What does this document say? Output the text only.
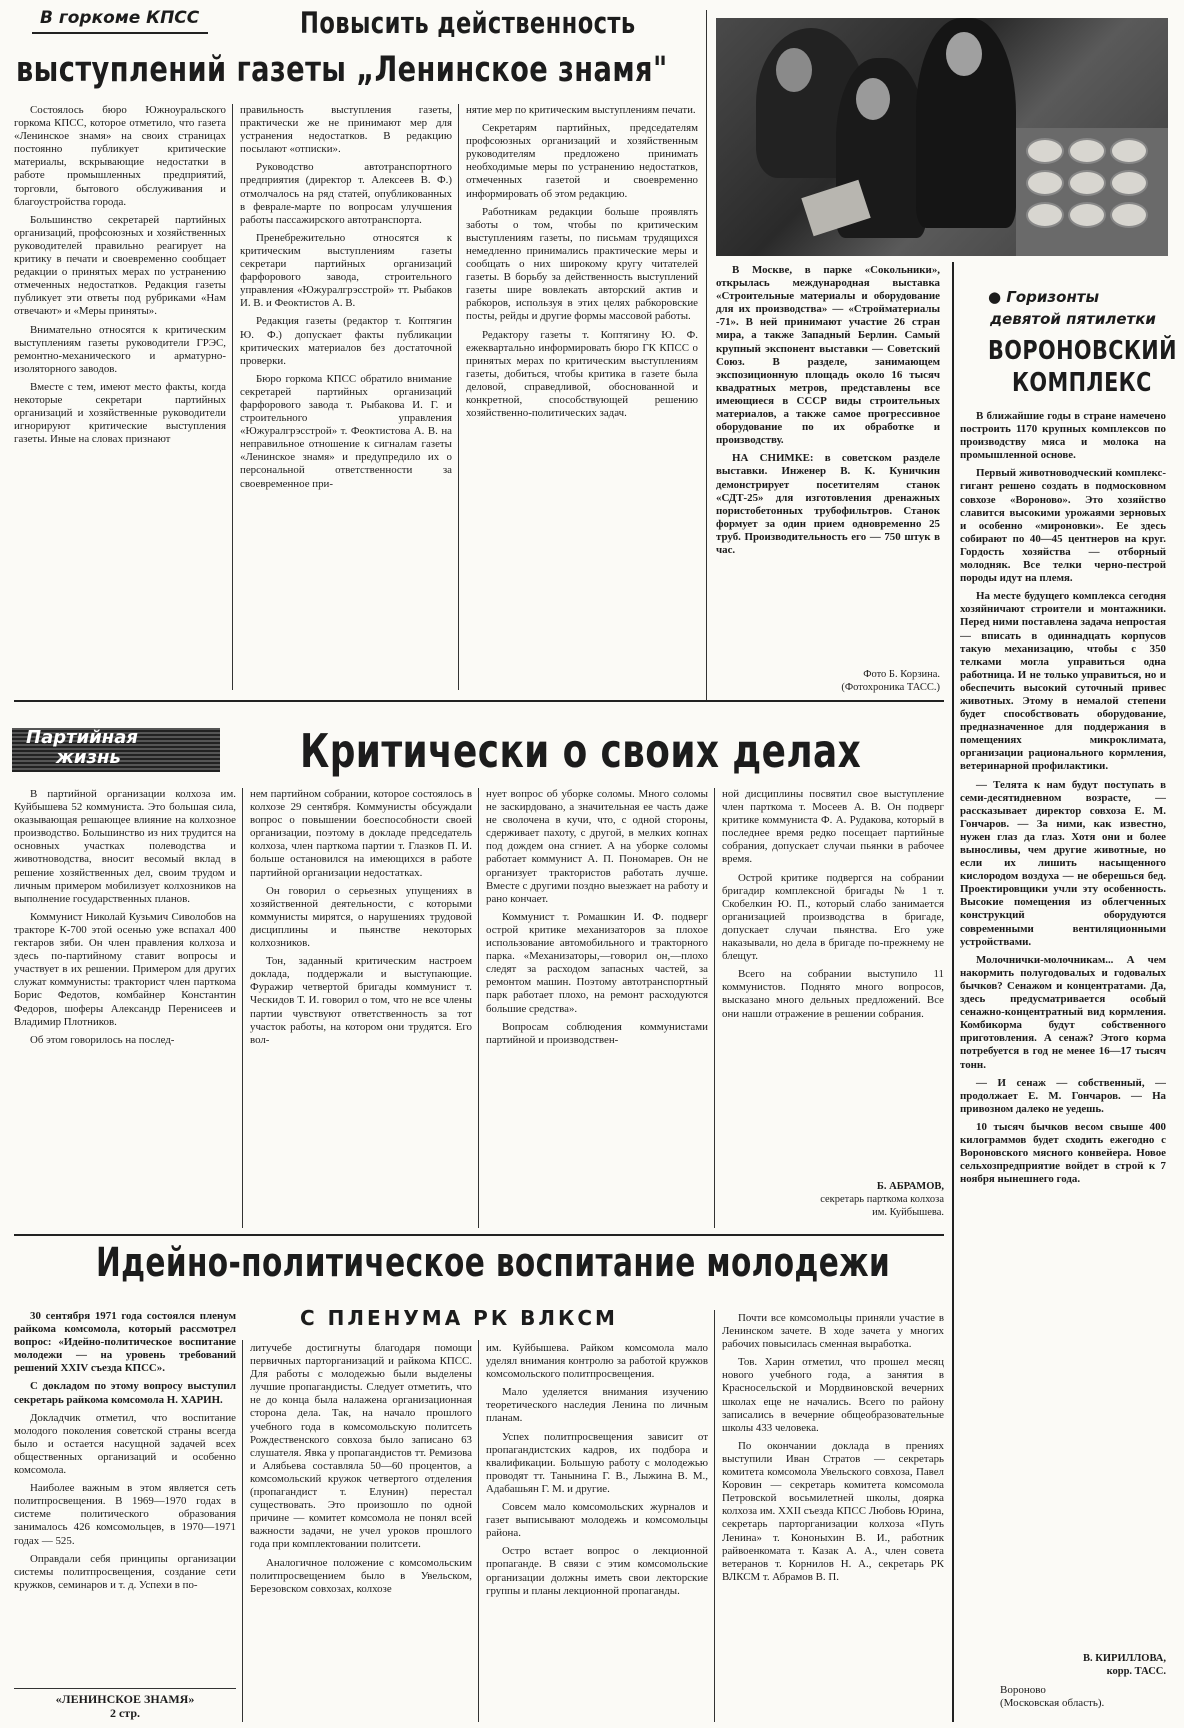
В горкоме КПСС	Повысить действенность
выступлений газеты „Ленинское знамя"

Состоялось бюро Южноуральского горкома КПСС, которое отметило, что газета «Ленинское знамя» на своих страницах постоянно публикует критические материалы, вскрывающие недостатки в работе промышленных предприятий, торговли, бытового обслуживания и благоустройства города.

Большинство секретарей партийных организаций, профсоюзных и хозяйственных руководителей правильно реагирует на критику в печати и своевременно сообщает редакции о принятых мерах по устранению отмеченных недостатков. Редакция газеты публикует эти ответы под рубриками «Нам отвечают» и «Меры приняты».

Внимательно относятся к критическим выступлениям газеты руководители ГРЭС, ремонтно-механического и арматурно-изоляторного заводов.

Вместе с тем, имеют место факты, когда некоторые секретари партийных организаций и хозяйственные руководители игнорируют критические выступления газеты. Иные на словах признают

правильность выступления газеты, практически же не принимают мер для устранения недостатков. В редакцию посылают «отписки».

Руководство автотранспортного предприятия (директор т. Алексеев В. Ф.) отмолчалось на ряд статей, опубликованных в феврале-марте по вопросам улучшения работы пассажирского автотранспорта.

Пренебрежительно относятся к критическим выступлениям газеты секретари партийных организаций фарфорового завода, строительного управления «Южуралгрэсстрой» тт. Рыбаков И. В. и Феоктистов А. В.

Редакция газеты (редактор т. Коптягин Ю. Ф.) допускает факты публикации критических материалов без достаточной проверки.

Бюро горкома КПСС обратило внимание секретарей партийных организаций фарфорового завода т. Рыбакова И. Г. и строительного управления «Южуралгрэсстрой» т. Феоктистова А. В. на неправильное отношение к сигналам газеты «Ленинское знамя» и предупредило их о персональной ответственности за своевременное при-

нятие мер по критическим выступлениям печати.

Секретарям партийных, председателям профсоюзных организаций и хозяйственным руководителям предложено принимать необходимые меры по устранению недостатков, отмеченных газетой и своевременно информировать об этом редакцию.

Работникам редакции больше проявлять заботы о том, чтобы по критическим выступлениям газеты, по письмам трудящихся немедленно принимались практические меры и сообщать о них широкому кругу читателей газеты. В борьбу за действенность выступлений газеты шире вовлекать авторский актив и рабкоров, используя в этих целях рабкоровские посты, рейды и другие формы массовой работы.

Редактору газеты т. Коптягину Ю. Ф. ежеквартально информировать бюро ГК КПСС о принятых мерах по критическим выступлениям газеты, добиться, чтобы критика в газете была деловой, справедливой, обоснованной и конкретной, способствующей решению хозяйственно-политических задач.

В Москве, в парке «Сокольники», открылась международная выставка «Строительные материалы и оборудование для их производства» — «Стройматериалы -71». В ней принимают участие 26 стран мира, а также Западный Берлин. Самый крупный экспонент выставки — Советский Союз. В разделе, занимающем экспозиционную площадь около 16 тысяч квадратных метров, представлены все имеющиеся в СССР виды строительных материалов, а также самое прогрессивное оборудование по их обработке и производству.

НА СНИМКЕ: в советском разделе выставки. Инженер В. К. Куничкин демонстрирует посетителям станок «СДТ-25» для изготовления дренажных пористобетонных трубофильтров. Станок формует за один прием одновременно 25 труб. Производительность его — 750 штук в час.

Фото Б. Корзина.
(Фотохроника ТАСС.)
● Горизонты
девятой пятилетки
ВОРОНОВСКИЙ
КОМПЛЕКС

В ближайшие годы в стране намечено построить 1170 крупных комплексов по производству мяса и молока на промышленной основе.

Первый животноводческий комплекс-гигант решено создать в подмосковном совхозе «Вороново». Это хозяйство славится высокими урожаями зерновых и особенно «мироновки». Ее здесь собирают по 40—45 центнеров на круг. Гордость хозяйства — отборный молодняк. Все телки черно-пестрой породы идут на племя.

На месте будущего комплекса сегодня хозяйничают строители и монтажники. Перед ними поставлена задача непростая — вписать в одиннадцать корпусов такую механизацию, чтобы с 350 телками могла управиться одна работница. И не только управиться, но и обеспечить высокий суточный привес животных. Этому в немалой степени будет способствовать оборудование, предназначенное для поддержания в помещениях микроклимата, организации рационального кормления, ветеринарной профилактики.

— Телята к нам будут поступать в семи-десятидневном возрасте, — рассказывает директор совхоза Е. М. Гончаров. — За ними, как известно, нужен глаз да глаз. Хотя они и более выносливы, чем другие животные, но если их лишить насыщенного кислородом воздуха — не оберешься бед. Проектировщики учли эту особенность. Высокие помещения из облегченных конструкций оборудуются современными вентиляционными устройствами.

Молочнички-молочникам... А чем накормить полугодовалых и годовалых бычков? Сенажом и концентратами. Да, здесь предусматривается особый сенажно-концентратный вид кормления. Комбикорма будут собственного приготовления. А сенаж? Этого корма потребуется в год не менее 16—17 тысяч тонн.

— И сенаж — собственный, — продолжает Е. М. Гончаров. — На привозном далеко не уедешь.

10 тысяч бычков весом свыше 400 килограммов будет сходить ежегодно с Вороновского мясного конвейера. Новое сельхозпредприятие войдет в строй к 7 ноября нынешнего года.

В. КИРИЛЛОВА,
корр. ТАСС.
Вороново
(Московская область).
Партийная
жизнь	Критически о своих делах

В партийной организации колхоза им. Куйбышева 52 коммуниста. Это большая сила, оказывающая решающее влияние на колхозное производство. Большинство из них трудится на основных участках полеводства и животноводства, вносит весомый вклад в решение хозяйственных дел, своим трудом и личным примером мобилизует колхозников на выполнение государственных планов.

Коммунист Николай Кузьмич Сиволобов на тракторе К-700 этой осенью уже вспахал 400 гектаров зяби. Он член правления колхоза и здесь по-партийному ставит вопросы и участвует в их решении. Примером для других служат коммунисты: тракторист член парткома Борис Федотов, комбайнер Константин Федоров, шоферы Александр Перенисеев и Владимир Плотников.

Об этом говорилось на послед-

нем партийном собрании, которое состоялось в колхозе 29 сентября. Коммунисты обсуждали вопрос о повышении боеспособности своей организации, поэтому в докладе председатель колхоза, член парткома партии т. Глазков П. И. больше остановился на имеющихся в работе партийной организации недостатках.

Он говорил о серьезных упущениях в хозяйственной деятельности, с которыми коммунисты мирятся, о нарушениях трудовой дисциплины и пьянстве некоторых колхозников.

Тон, заданный критическим настроем доклада, поддержали и выступающие. Фуражир четвертой бригады коммунист т. Ческидов Т. И. говорил о том, что не все члены партии чувствуют ответственность за тот участок работы, на котором они трудятся. Его вол-

нует вопрос об уборке соломы. Много соломы не заскирдовано, а значительная ее часть даже не сволочена в кучи, что, с одной стороны, сдерживает пахоту, с другой, в мелких копнах под дождем она сгниет. А на уборке соломы работает коммунист А. П. Пономарев. Он не организует трактористов работать лучше. Вместе с другими поздно выезжает на работу и рано кончает.

Коммунист т. Ромашкин И. Ф. подверг острой критике механизаторов за плохое использование автомобильного и тракторного парка. «Механизаторы,—говорил он,—плохо следят за расходом запасных частей, за ремонтом машин. Поэтому автотранспортный парк работает плохо, на ремонт расходуются большие средства».

Вопросам соблюдения коммунистами партийной и производствен-

ной дисциплины посвятил свое выступление член парткома т. Мосеев А. В. Он подверг критике коммуниста Ф. А. Рудакова, который в последнее время редко посещает партийные собрания, допускает случаи пьянки в рабочее время.

Острой критике подвергся на собрании бригадир комплексной бригады № 1 т. Скобелкин Ю. П., который слабо занимается организацией производства в бригаде, допускает случаи пьянства. Его уже наказывали, но дела в бригаде по-прежнему не блещут.

Всего на собрании выступило 11 коммунистов. Поднято много вопросов, высказано много дельных предложений. Все они нашли отражение в решении собрания.

Б. АБРАМОВ,
секретарь парткома колхоза
им. Куйбышева.
Идейно-политическое воспитание молодежи
С ПЛЕНУМА РК ВЛКСМ

30 сентября 1971 года состоялся пленум райкома комсомола, который рассмотрел вопрос: «Идейно-политическое воспитание молодежи — на уровень требований решений XXIV съезда КПСС».

С докладом по этому вопросу выступил секретарь райкома комсомола Н. ХАРИН.

Докладчик отметил, что воспитание молодого поколения советской страны всегда было и остается насущной задачей всех общественных организаций и особенно комсомола.

Наиболее важным в этом является сеть политпросвещения. В 1969—1970 годах в системе политического образования занималось 426 комсомольцев, в 1970—1971 годах — 525.

Оправдали себя принципы организации системы политпросвещения, создание сети кружков, семинаров и т. д. Успехи в по-

«ЛЕНИНСКОЕ ЗНАМЯ»
2 стр.

литучебе достигнуты благодаря помощи первичных парторганизаций и райкома КПСС. Для работы с молодежью были выделены лучшие пропагандисты. Следует отметить, что не до конца была налажена организационная сторона дела. Так, на начало прошлого учебного года в комсомольскую политсеть Рождественского совхоза было записано 63 слушателя. Явка у пропагандистов тт. Ремизова и Алябьева составляла 50—60 процентов, а комсомольский кружок четвертого отделения (пропагандист т. Елунин) перестал существовать. Это произошло по одной причине — комитет комсомола не понял всей важности задачи, не учел уроков прошлого года при комплектовании политсети.

Аналогичное положение с комсомольским политпросвещением было в Увельском, Березовском совхозах, колхозе

им. Куйбышева. Райком комсомола мало уделял внимания контролю за работой кружков комсомольского политпросвещения.

Мало уделяется внимания изучению теоретического наследия Ленина по личным планам.

Успех политпросвещения зависит от пропагандистских кадров, их подбора и квалификации. Большую работу с молодежью проводят тт. Танынина Г. В., Лыжина В. М., Адабашьян Г. М. и другие.

Совсем мало комсомольских журналов и газет выписывают молодежь и комсомольцы района.

Остро встает вопрос о лекционной пропаганде. В связи с этим комсомольские организации должны иметь свои лекторские группы и планы лекционной пропаганды.

Почти все комсомольцы приняли участие в Ленинском зачете. В ходе зачета у многих рабочих повысилась сменная выработка.

Тов. Харин отметил, что прошел месяц нового учебного года, а занятия в Красносельской и Мордвиновской вечерних школах еще не начались. Всего по району записались в вечерние общеобразовательные школы 433 человека.

По окончании доклада в прениях выступили Иван Стратов — секретарь комитета комсомола Увельского совхоза, Павел Коровин — секретарь комитета комсомола Петровской восьмилетней школы, доярка колхоза им. XXII съезда КПСС Любовь Юрина, секретарь парторганизации колхоза «Путь Ленина» т. Кононыхин В. И., работник райвоенкомата т. Казак А. А., член совета ветеранов т. Корнилов Н. А., секретарь РК ВЛКСМ т. Абрамов В. П.
